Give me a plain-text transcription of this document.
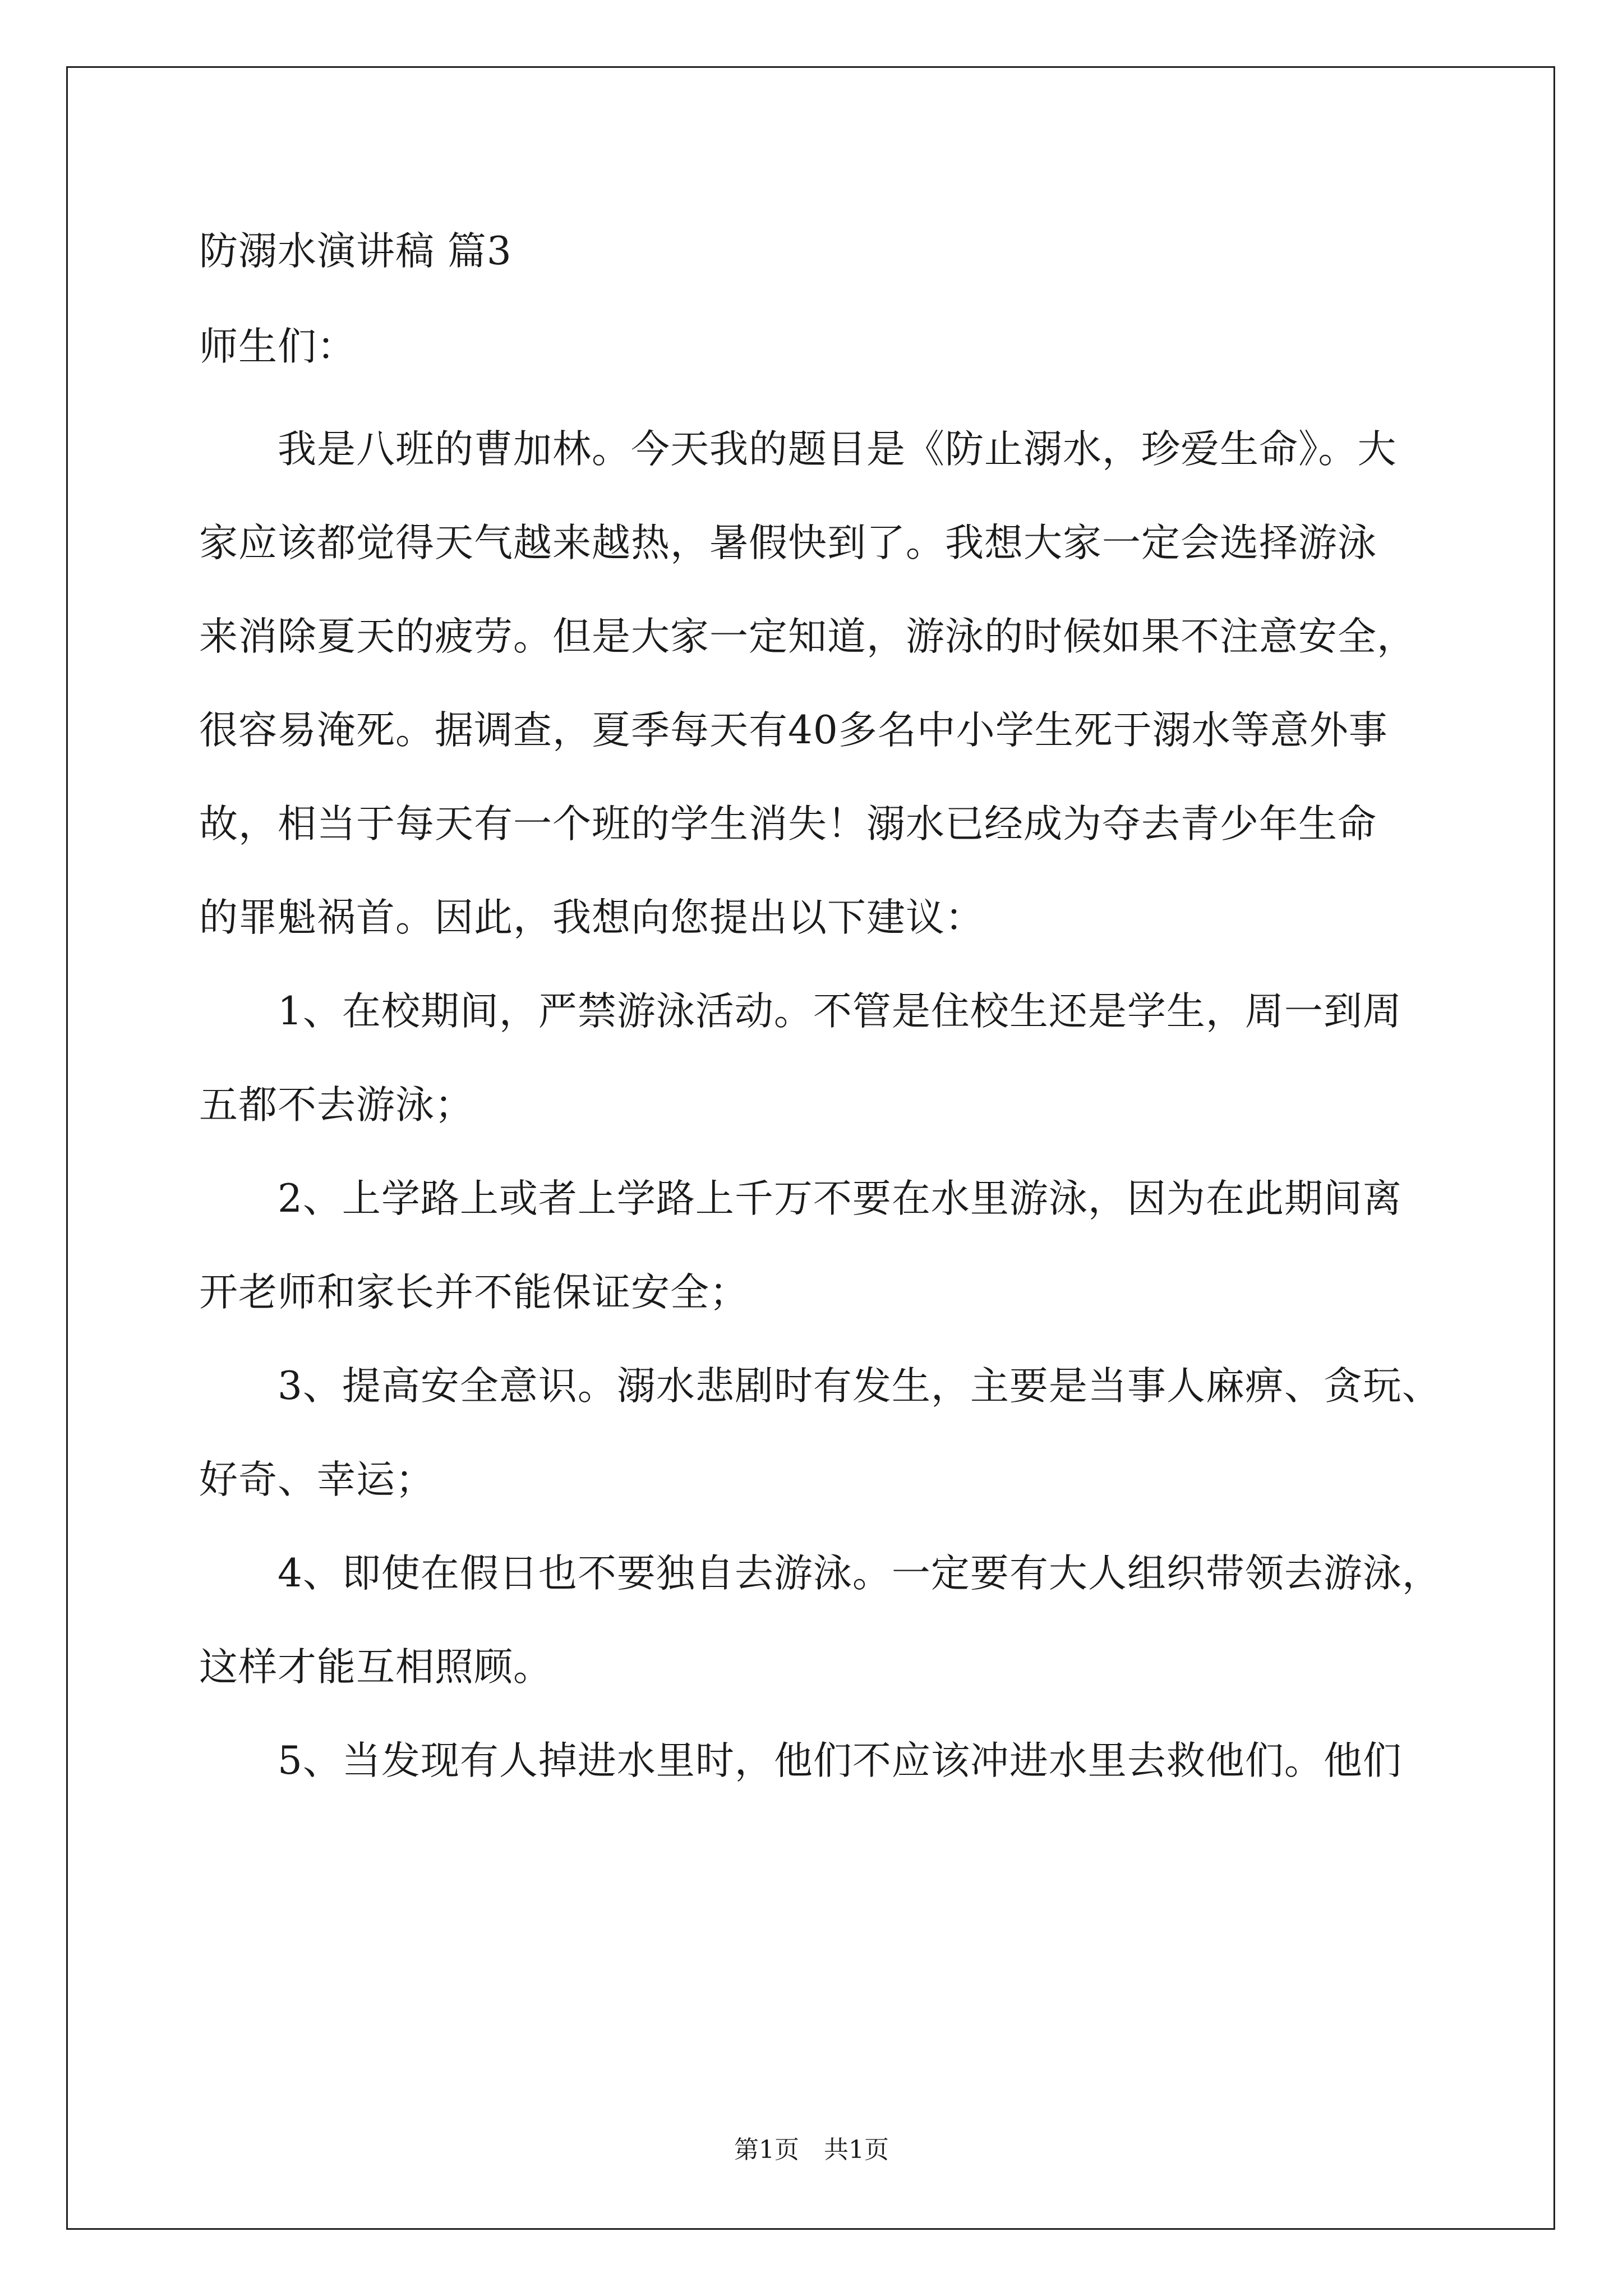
防溺水演讲稿 篇3
师生们：
　　我是八班的曹加林。今天我的题目是《防止溺水，珍爱生命》。大
家应该都觉得天气越来越热，暑假快到了。我想大家一定会选择游泳
来消除夏天的疲劳。但是大家一定知道，游泳的时候如果不注意安全，
很容易淹死。据调查，夏季每天有40多名中小学生死于溺水等意外事
故，相当于每天有一个班的学生消失！溺水已经成为夺去青少年生命
的罪魁祸首。因此，我想向您提出以下建议：
　　1、在校期间，严禁游泳活动。不管是住校生还是学生，周一到周
五都不去游泳；
　　2、上学路上或者上学路上千万不要在水里游泳，因为在此期间离
开老师和家长并不能保证安全；
　　3、提高安全意识。溺水悲剧时有发生，主要是当事人麻痹、贪玩、
好奇、幸运；
　　4、即使在假日也不要独自去游泳。一定要有大人组织带领去游泳，
这样才能互相照顾。
　　5、当发现有人掉进水里时，他们不应该冲进水里去救他们。他们
第1页　共1页
